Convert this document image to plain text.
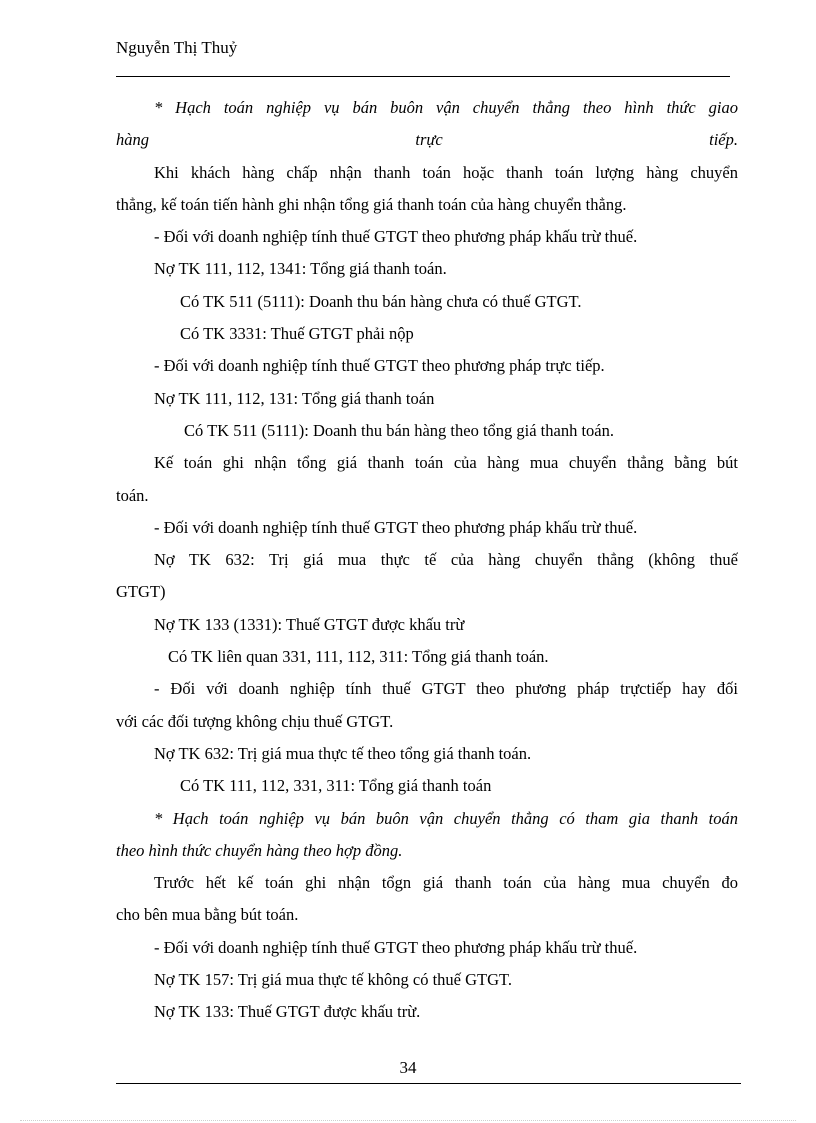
Nguyễn Thị Thuỷ
* Hạch toán nghiệp vụ bán buôn vận chuyển thẳng theo hình thức giao
hàng	trực	tiếp.
Khi khách hàng chấp nhận thanh toán hoặc thanh toán lượng hàng chuyển
thẳng, kế toán tiến hành ghi nhận tổng giá thanh toán của hàng chuyển thẳng.
- Đối với doanh nghiệp tính thuế GTGT theo phương pháp khấu trừ thuế.
Nợ TK 111, 112, 1341: Tổng giá thanh toán.
Có TK 511 (5111): Doanh thu bán hàng chưa có thuế GTGT.
Có TK 3331: Thuế GTGT phải nộp
- Đối với doanh nghiệp tính thuế GTGT theo phương pháp trực tiếp.
Nợ TK 111, 112, 131: Tổng giá thanh toán
Có TK 511 (5111): Doanh thu bán hàng theo tổng giá thanh toán.
Kế toán ghi nhận tổng giá thanh toán của hàng mua chuyển thẳng bằng bút
toán.
- Đối với doanh nghiệp tính thuế GTGT theo phương pháp khấu trừ thuế.
Nợ TK 632: Trị giá mua thực tế của hàng chuyển thẳng (không thuế
GTGT)
Nợ TK 133 (1331): Thuế GTGT được khấu trừ
Có TK liên quan 331, 111, 112, 311: Tổng giá thanh toán.
- Đối với doanh nghiệp tính thuế GTGT theo phương pháp trựctiếp hay đối
với các đối tượng không chịu thuế GTGT.
Nợ TK 632: Trị giá mua thực tế theo tổng giá thanh toán.
Có TK 111, 112, 331, 311: Tổng giá thanh toán
* Hạch toán nghiệp vụ bán buôn vận chuyển thẳng có tham gia thanh toán
theo hình thức chuyển hàng theo hợp đồng.
Trước hết kế toán ghi nhận tổgn giá thanh toán của hàng mua chuyển đo
cho bên mua bằng bút toán.
- Đối với doanh nghiệp tính thuế GTGT theo phương pháp khấu trừ thuế.
Nợ TK 157: Trị giá mua thực tế không có thuế GTGT.
Nợ TK 133: Thuế GTGT được khấu trừ.
34
